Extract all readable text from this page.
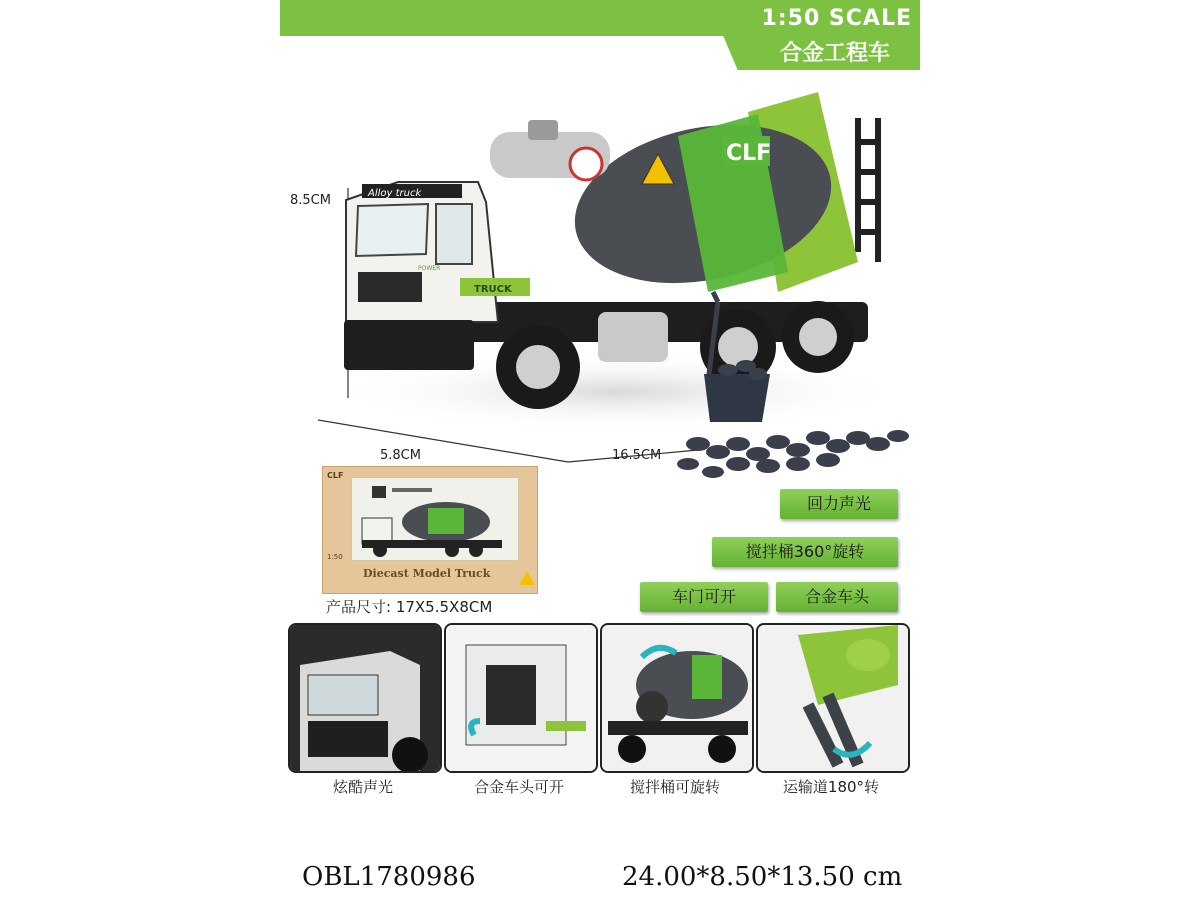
1:50 SCALE
合金工程车
CLF
Alloy truck
TRUCK
POWER
8.5CM
5.8CM	16.5CM
CLF
1:50
Diecast Model Truck
产品尺寸: 17X5.5X8CM
回力声光
搅拌桶360°旋转
车门可开	合金车头
炫酷声光	合金车头可开	搅拌桶可旋转	运输道180°转
OBL1780986	24.00*8.50*13.50 cm
